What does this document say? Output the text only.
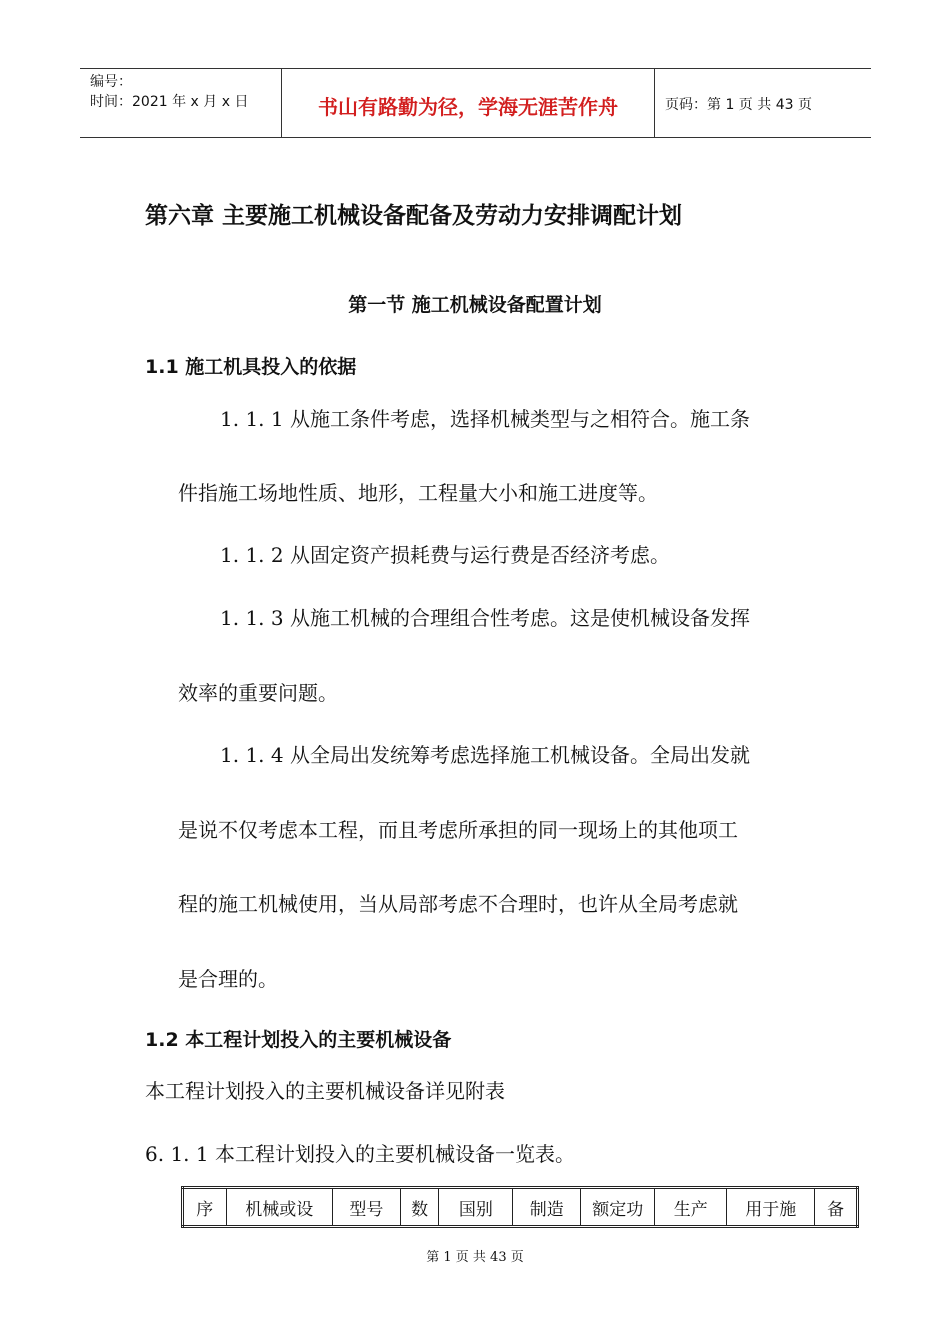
编号：
时间：2021 年 x 月 x 日	书山有路勤为径，学海无涯苦作舟	页码：第 1 页 共 43 页
第六章 主要施工机械设备配备及劳动力安排调配计划
第一节 施工机械设备配置计划
1.1 施工机具投入的依据
1. 1. 1 从施工条件考虑，选择机械类型与之相符合。施工条
件指施工场地性质、地形，工程量大小和施工进度等。
1. 1. 2 从固定资产损耗费与运行费是否经济考虑。
1. 1. 3 从施工机械的合理组合性考虑。这是使机械设备发挥
效率的重要问题。
1. 1. 4 从全局出发统筹考虑选择施工机械设备。全局出发就
是说不仅考虑本工程，而且考虑所承担的同一现场上的其他项工
程的施工机械使用，当从局部考虑不合理时，也许从全局考虑就
是合理的。
1.2 本工程计划投入的主要机械设备
本工程计划投入的主要机械设备详见附表
6. 1. 1 本工程计划投入的主要机械设备一览表。
序	机械或设	型号	数	国别	制造	额定功	生产	用于施	备
第 1 页 共 43 页
